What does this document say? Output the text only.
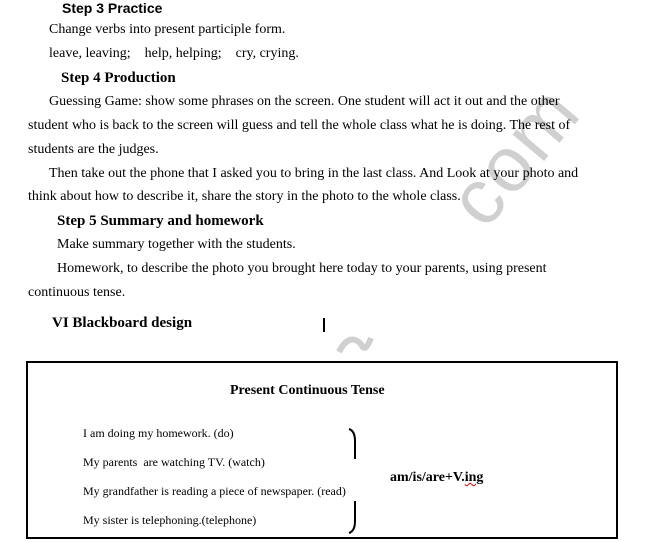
com
Step 3 Practice
Change verbs into present participle form.
leave, leaving;    help, helping;    cry, crying.
Step 4 Production
Guessing Game: show some phrases on the screen. One student will act it out and the other
student who is back to the screen will guess and tell the whole class what he is doing. The rest of
students are the judges.
Then take out the phone that I asked you to bring in the last class. And Look at your photo and
think about how to describe it, share the story in the photo to the whole class.
Step 5 Summary and homework
Make summary together with the students.
Homework, to describe the photo you brought here today to your parents, using present
continuous tense.
VI Blackboard design
Present Continuous Tense
I am doing my homework. (do)
My parents  are watching TV. (watch)
My grandfather is reading a piece of newspaper. (read)
My sister is telephoning.(telephone)
am/is/are+V.ing
